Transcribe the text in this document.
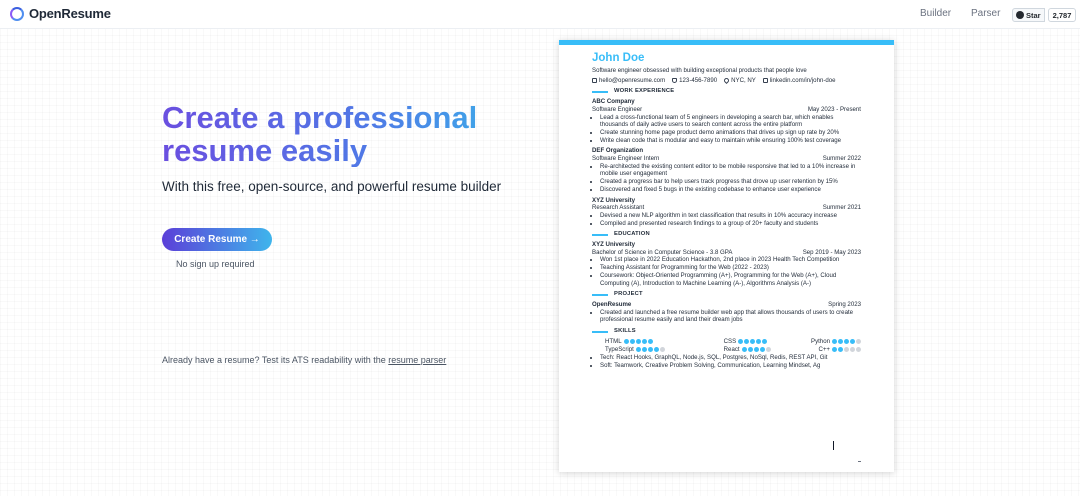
OpenResume	Builder Parser	Star	2,787
Create a professional resume easily
With this free, open-source, and powerful resume builder
Create Resume →
No sign up required
Already have a resume? Test its ATS readability with the resume parser
John Doe
Software engineer obsessed with building exceptional products that people love
hello@openresume.com 123-456-7890 NYC, NY linkedin.com/in/john-doe
WORK EXPERIENCE
ABC Company
Software Engineer	May 2023 - Present
• Lead a cross-functional team of 5 engineers in developing a search bar, which enables thousands of daily active users to search content across the entire platform
• Create stunning home page product demo animations that drives up sign up rate by 20%
• Write clean code that is modular and easy to maintain while ensuring 100% test coverage
DEF Organization
Software Engineer Intern	Summer 2022
• Re-architected the existing content editor to be mobile responsive that led to a 10% increase in mobile user engagement
• Created a progress bar to help users track progress that drove up user retention by 15%
• Discovered and fixed 5 bugs in the existing codebase to enhance user experience
XYZ University
Research Assistant	Summer 2021
• Devised a new NLP algorithm in text classification that results in 10% accuracy increase
• Compiled and presented research findings to a group of 20+ faculty and students
EDUCATION
XYZ University
Bachelor of Science in Computer Science - 3.8 GPA	Sep 2019 - May 2023
• Won 1st place in 2022 Education Hackathon, 2nd place in 2023 Health Tech Competition
• Teaching Assistant for Programming for the Web (2022 - 2023)
• Coursework: Object-Oriented Programming (A+), Programming for the Web (A+), Cloud Computing (A), Introduction to Machine Learning (A-), Algorithms Analysis (A-)
PROJECT
OpenResume	Spring 2023
• Created and launched a free resume builder web app that allows thousands of users to create professional resume easily and land their dream jobs
SKILLS
HTML	CSS	Python
TypeScript	React	C++
• Tech: React Hooks, GraphQL, Node.js, SQL, Postgres, NoSql, Redis, REST API, Git
• Soft: Teamwork, Creative Problem Solving, Communication, Learning Mindset, Ag
